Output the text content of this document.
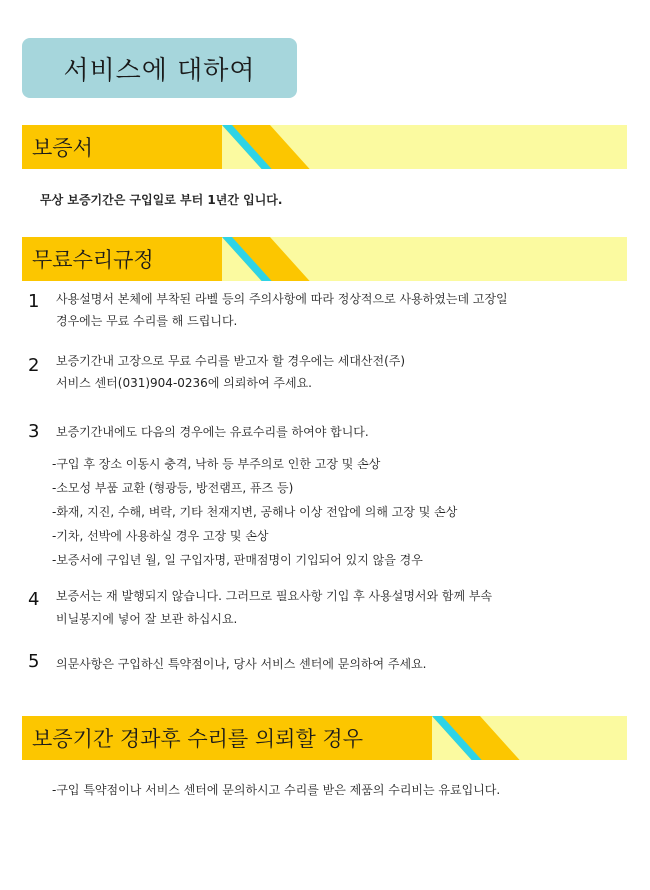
서비스에 대하여
보증서
무상 보증기간은 구입일로 부터 1년간 입니다.
무료수리규정
1 사용설명서 본체에 부착된 라벨 등의 주의사항에 따라 정상적으로 사용하였는데 고장일
경우에는 무료 수리를 해 드립니다.
2 보증기간내 고장으로 무료 수리를 받고자 할 경우에는 세대산전(주)
서비스 센터(031)904-0236에 의뢰하여 주세요.
3 보증기간내에도 다음의 경우에는 유료수리를 하여야 합니다.
-구입 후 장소 이동시 충격, 낙하 등 부주의로 인한 고장 및 손상
-소모성 부품 교환 (형광등, 방전램프, 퓨즈 등)
-화재, 지진, 수해, 벼락, 기타 천재지변, 공해나 이상 전압에 의해 고장 및 손상
-기차, 선박에 사용하실 경우 고장 및 손상
-보증서에 구입년 월, 일 구입자명, 판매점명이 기입되어 있지 않을 경우
4 보증서는 재 발행되지 않습니다. 그러므로 필요사항 기입 후 사용설명서와 함께 부속
비닐봉지에 넣어 잘 보관 하십시요.
5 의문사항은 구입하신 특약점이나, 당사 서비스 센터에 문의하여 주세요.
보증기간 경과후 수리를 의뢰할 경우
-구입 특약점이나 서비스 센터에 문의하시고 수리를 받은 제품의 수리비는 유료입니다.
